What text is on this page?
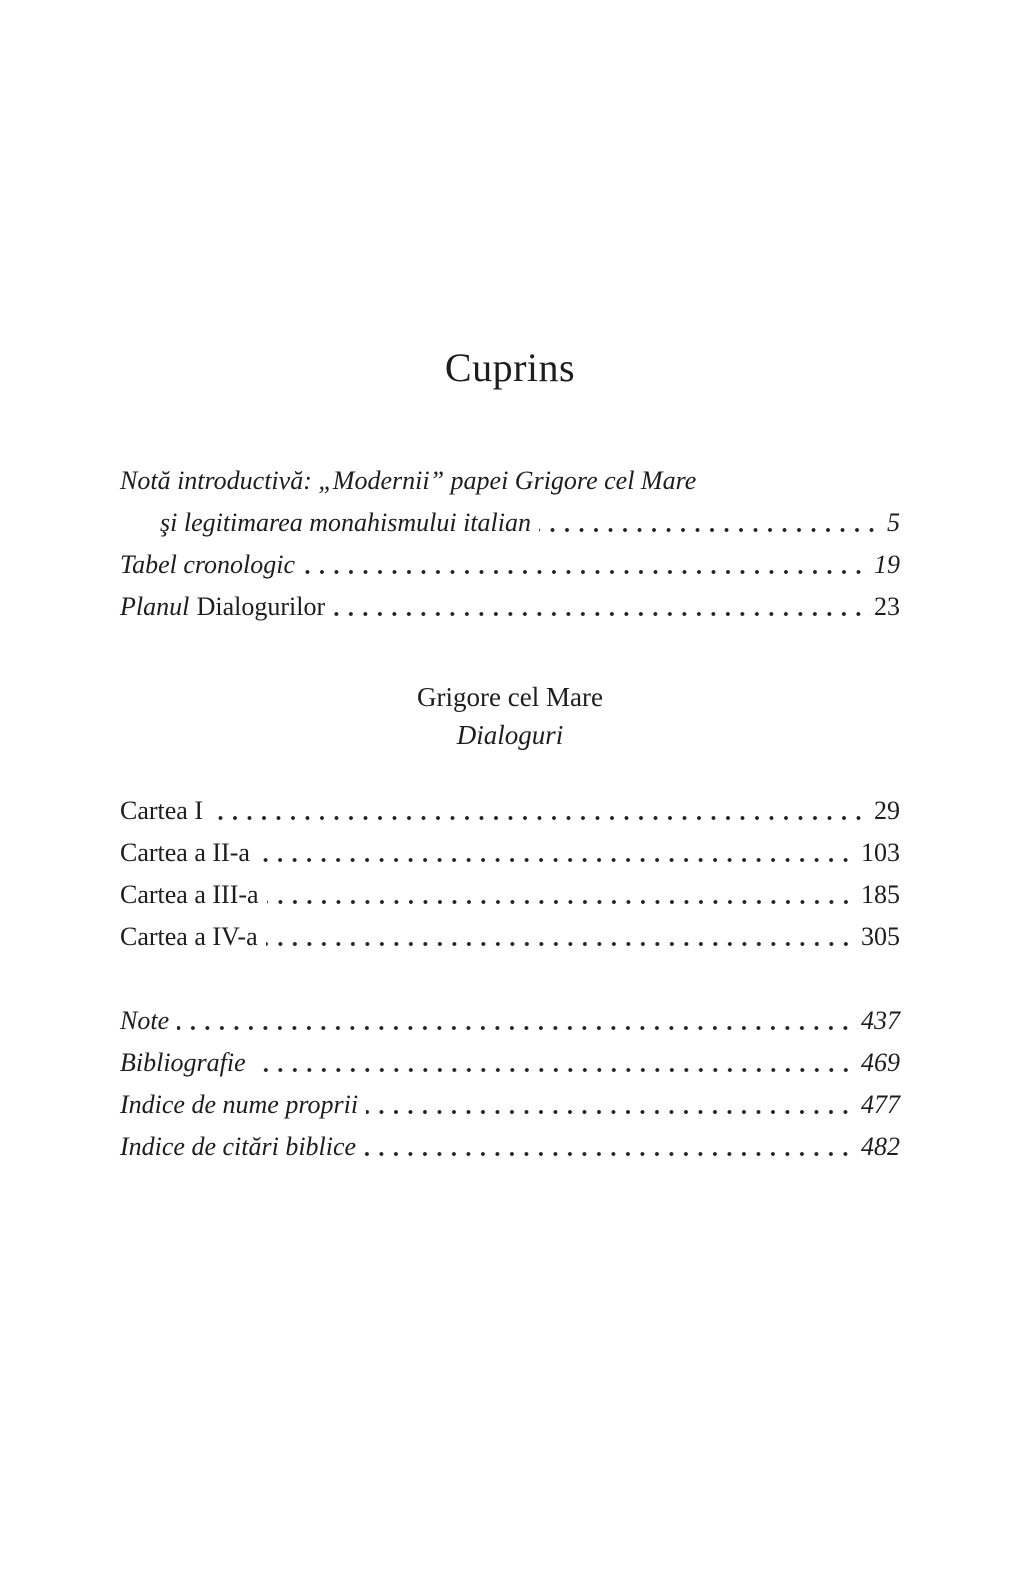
Cuprins
Notă introductivă: „Modernii” papei Grigore cel Mare
şi legitimarea monahismului italian	5
Tabel cronologic	19
Planul Dialogurilor	23
Grigore cel Mare
Dialoguri
Cartea I	29
Cartea a II-a	103
Cartea a III-a	185
Cartea a IV-a	305
Note	437
Bibliografie	469
Indice de nume proprii	477
Indice de citări biblice	482
